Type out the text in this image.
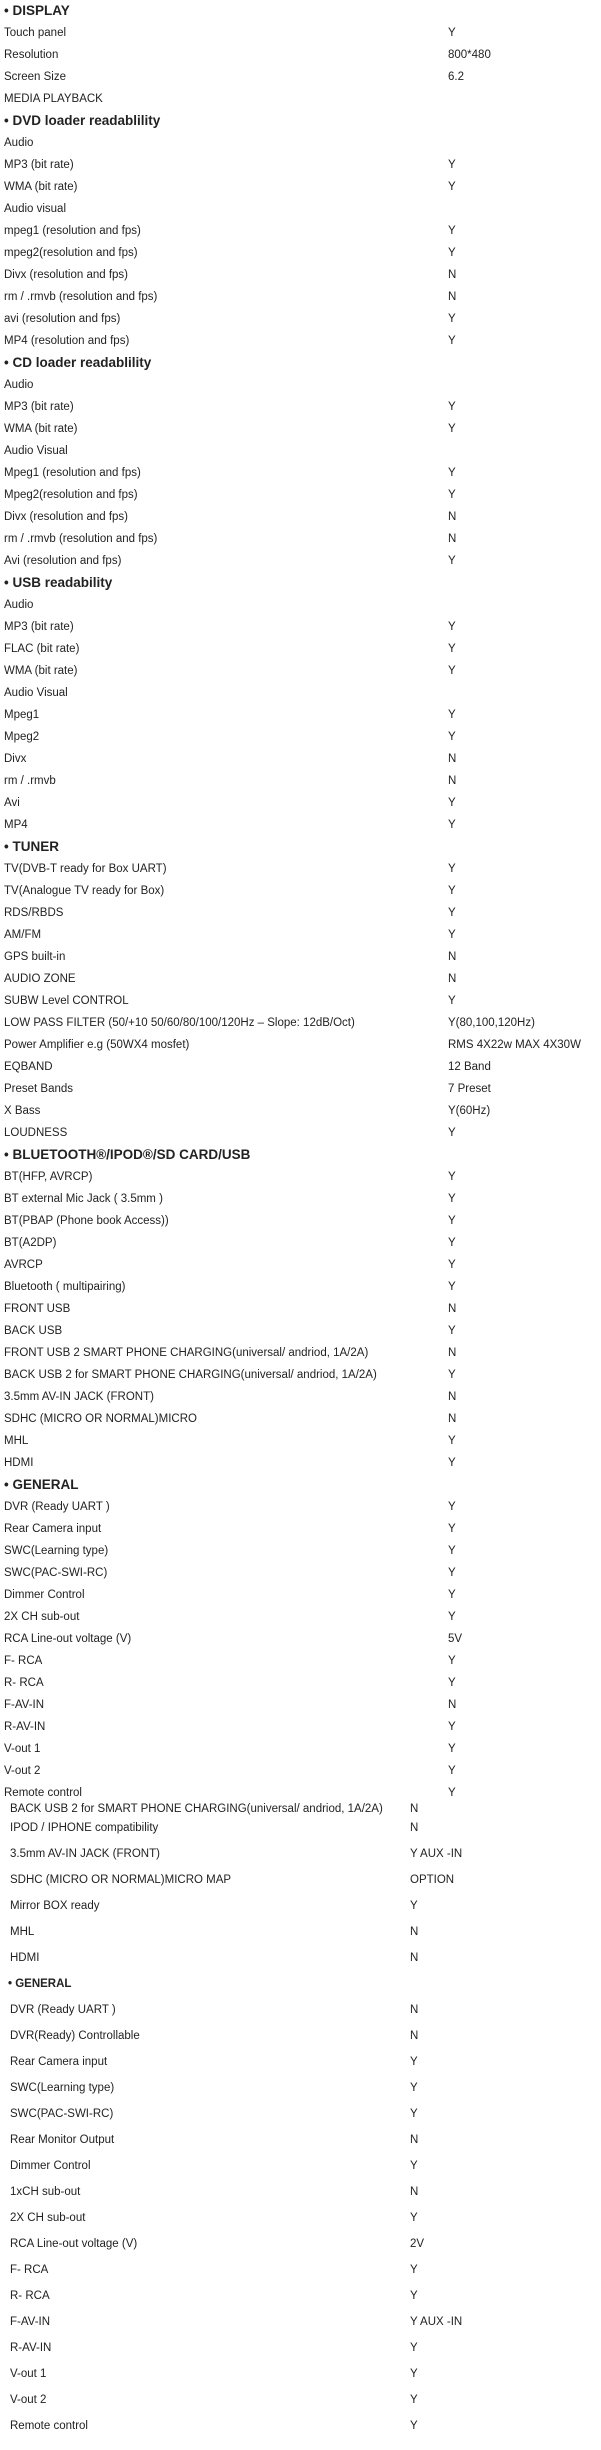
• DISPLAY
Touch panel	Y
Resolution	800*480
Screen Size	6.2
MEDIA PLAYBACK
• DVD loader readablility
Audio
MP3 (bit rate)	Y
WMA (bit rate)	Y
Audio visual
mpeg1 (resolution and fps)	Y
mpeg2(resolution and fps)	Y
Divx (resolution and fps)	N
rm / .rmvb (resolution and fps)	N
avi (resolution and fps)	Y
MP4 (resolution and fps)	Y
• CD loader readablility
Audio
MP3 (bit rate)	Y
WMA (bit rate)	Y
Audio Visual
Mpeg1 (resolution and fps)	Y
Mpeg2(resolution and fps)	Y
Divx (resolution and fps)	N
rm / .rmvb (resolution and fps)	N
Avi (resolution and fps)	Y
• USB readability
Audio
MP3 (bit rate)	Y
FLAC (bit rate)	Y
WMA (bit rate)	Y
Audio Visual
Mpeg1	Y
Mpeg2	Y
Divx	N
rm / .rmvb	N
Avi	Y
MP4	Y
• TUNER
TV(DVB-T ready for Box UART)	Y
TV(Analogue TV ready for Box)	Y
RDS/RBDS	Y
AM/FM	Y
GPS built-in	N
AUDIO ZONE	N
SUBW Level CONTROL	Y
LOW PASS FILTER (50/+10 50/60/80/100/120Hz – Slope: 12dB/Oct)	Y(80,100,120Hz)
Power Amplifier e.g (50WX4 mosfet)	RMS 4X22w MAX 4X30W
EQBAND	12 Band
Preset Bands	7 Preset
X Bass	Y(60Hz)
LOUDNESS	Y
• BLUETOOTH®/IPOD®/SD CARD/USB
BT(HFP, AVRCP)	Y
BT external Mic Jack ( 3.5mm )	Y
BT(PBAP (Phone book Access))	Y
BT(A2DP)	Y
AVRCP	Y
Bluetooth ( multipairing)	Y
FRONT USB	N
BACK USB	Y
FRONT USB 2 SMART PHONE CHARGING(universal/ andriod, 1A/2A)	N
BACK USB 2 for SMART PHONE CHARGING(universal/ andriod, 1A/2A)	Y
3.5mm AV-IN JACK (FRONT)	N
SDHC (MICRO OR NORMAL)MICRO	N
MHL	Y
HDMI	Y
• GENERAL
DVR (Ready UART )	Y
Rear Camera input	Y
SWC(Learning type)	Y
SWC(PAC-SWI-RC)	Y
Dimmer Control	Y
2X CH sub-out	Y
RCA Line-out voltage (V)	5V
F- RCA	Y
R- RCA	Y
F-AV-IN	N
R-AV-IN	Y
V-out 1	Y
V-out 2	Y
Remote control	Y
BACK USB 2 for SMART PHONE CHARGING(universal/ andriod, 1A/2A) N
IPOD / IPHONE compatibility	N
3.5mm AV-IN JACK (FRONT)	Y AUX -IN
SDHC (MICRO OR NORMAL)MICRO MAP	OPTION
Mirror BOX ready	Y
MHL	N
HDMI	N
• GENERAL
DVR (Ready UART )	N
DVR(Ready) Controllable	N
Rear Camera input	Y
SWC(Learning type)	Y
SWC(PAC-SWI-RC)	Y
Rear Monitor Output	N
Dimmer Control	Y
1xCH sub-out	N
2X CH sub-out	Y
RCA Line-out voltage (V)	2V
F- RCA	Y
R- RCA	Y
F-AV-IN	Y AUX -IN
R-AV-IN	Y
V-out 1	Y
V-out 2	Y
Remote control	Y
